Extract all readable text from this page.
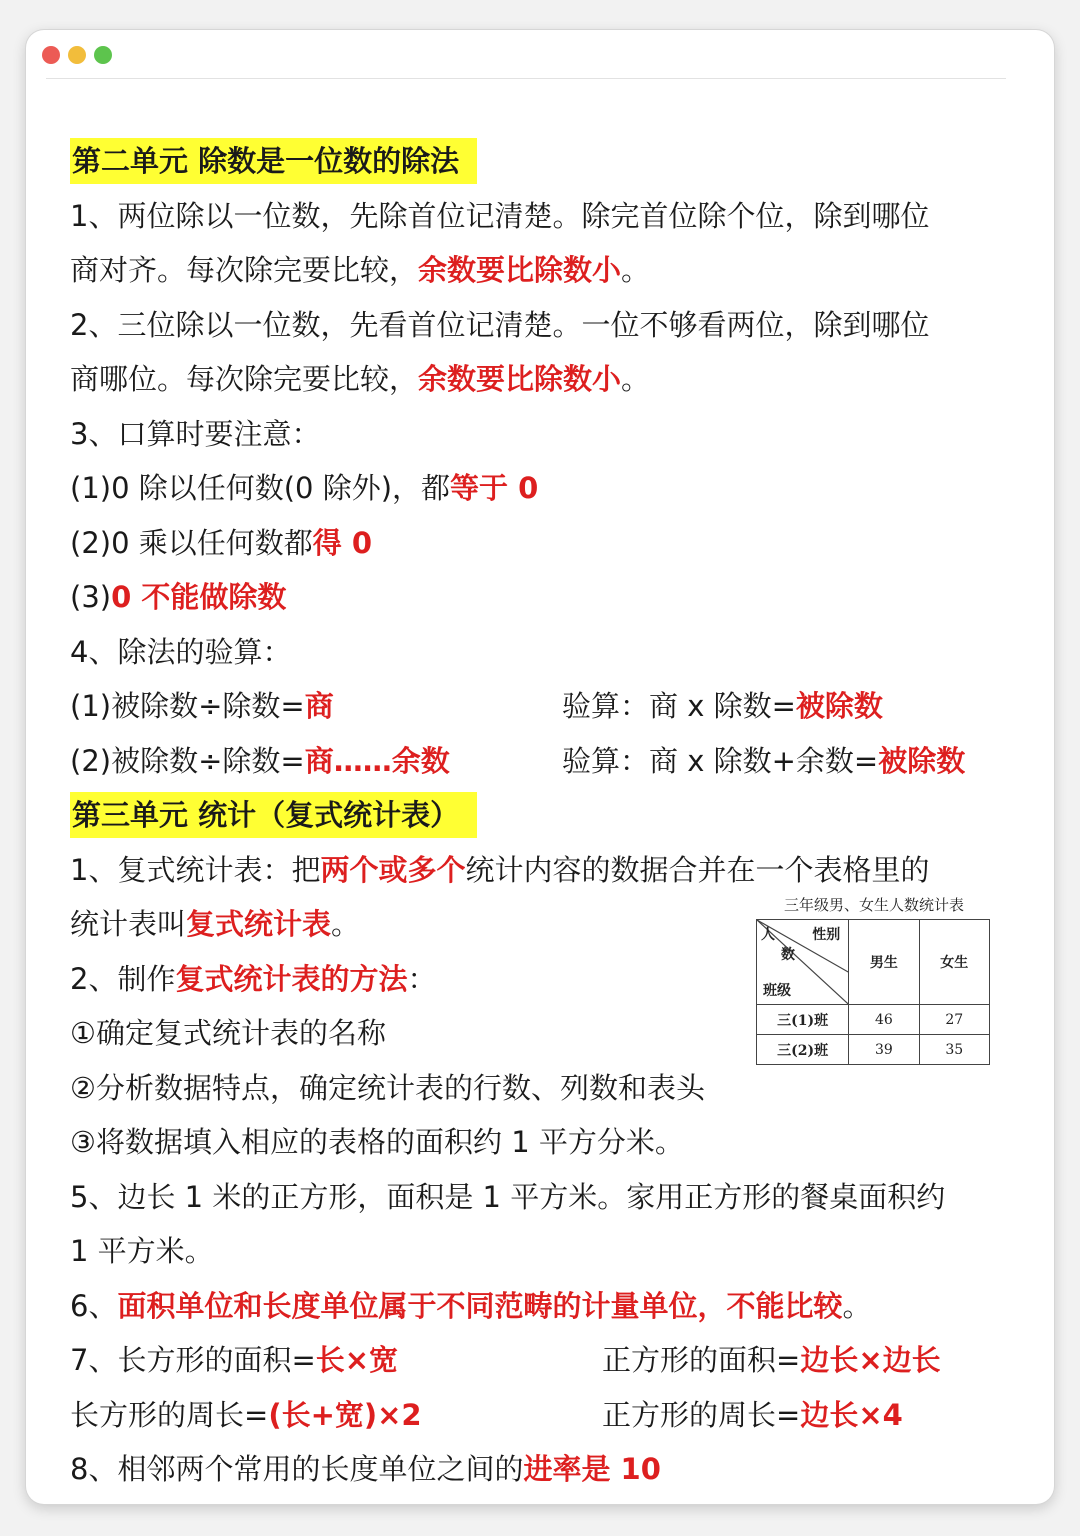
第二单元 除数是一位数的除法
1、两位除以一位数，先除首位记清楚。除完首位除个位，除到哪位
商对齐。每次除完要比较，余数要比除数小。
2、三位除以一位数，先看首位记清楚。一位不够看两位，除到哪位
商哪位。每次除完要比较，余数要比除数小。
3、口算时要注意：
(1)0 除以任何数(0 除外)，都等于 0
(2)0 乘以任何数都得 0
(3)0 不能做除数
4、除法的验算：
(1)被除数÷除数=商	验算：商 x 除数=被除数
(2)被除数÷除数=商……余数	验算：商 x 除数+余数=被除数
第三单元 统计（复式统计表）
1、复式统计表：把两个或多个统计内容的数据合并在一个表格里的
统计表叫复式统计表。
2、制作复式统计表的方法：
①确定复式统计表的名称
②分析数据特点，确定统计表的行数、列数和表头
③将数据填入相应的表格的面积约 1 平方分米。
5、边长 1 米的正方形，面积是 1 平方米。家用正方形的餐桌面积约
1 平方米。
6、面积单位和长度单位属于不同范畴的计量单位，不能比较。
7、长方形的面积=长×宽	正方形的面积=边长×边长
长方形的周长=(长+宽)×2	正方形的周长=边长×4
8、相邻两个常用的长度单位之间的进率是 10
三年级男、女生人数统计表
性别
人
数
班级	男生	女生
三(1)班	46	27
三(2)班	39	35
